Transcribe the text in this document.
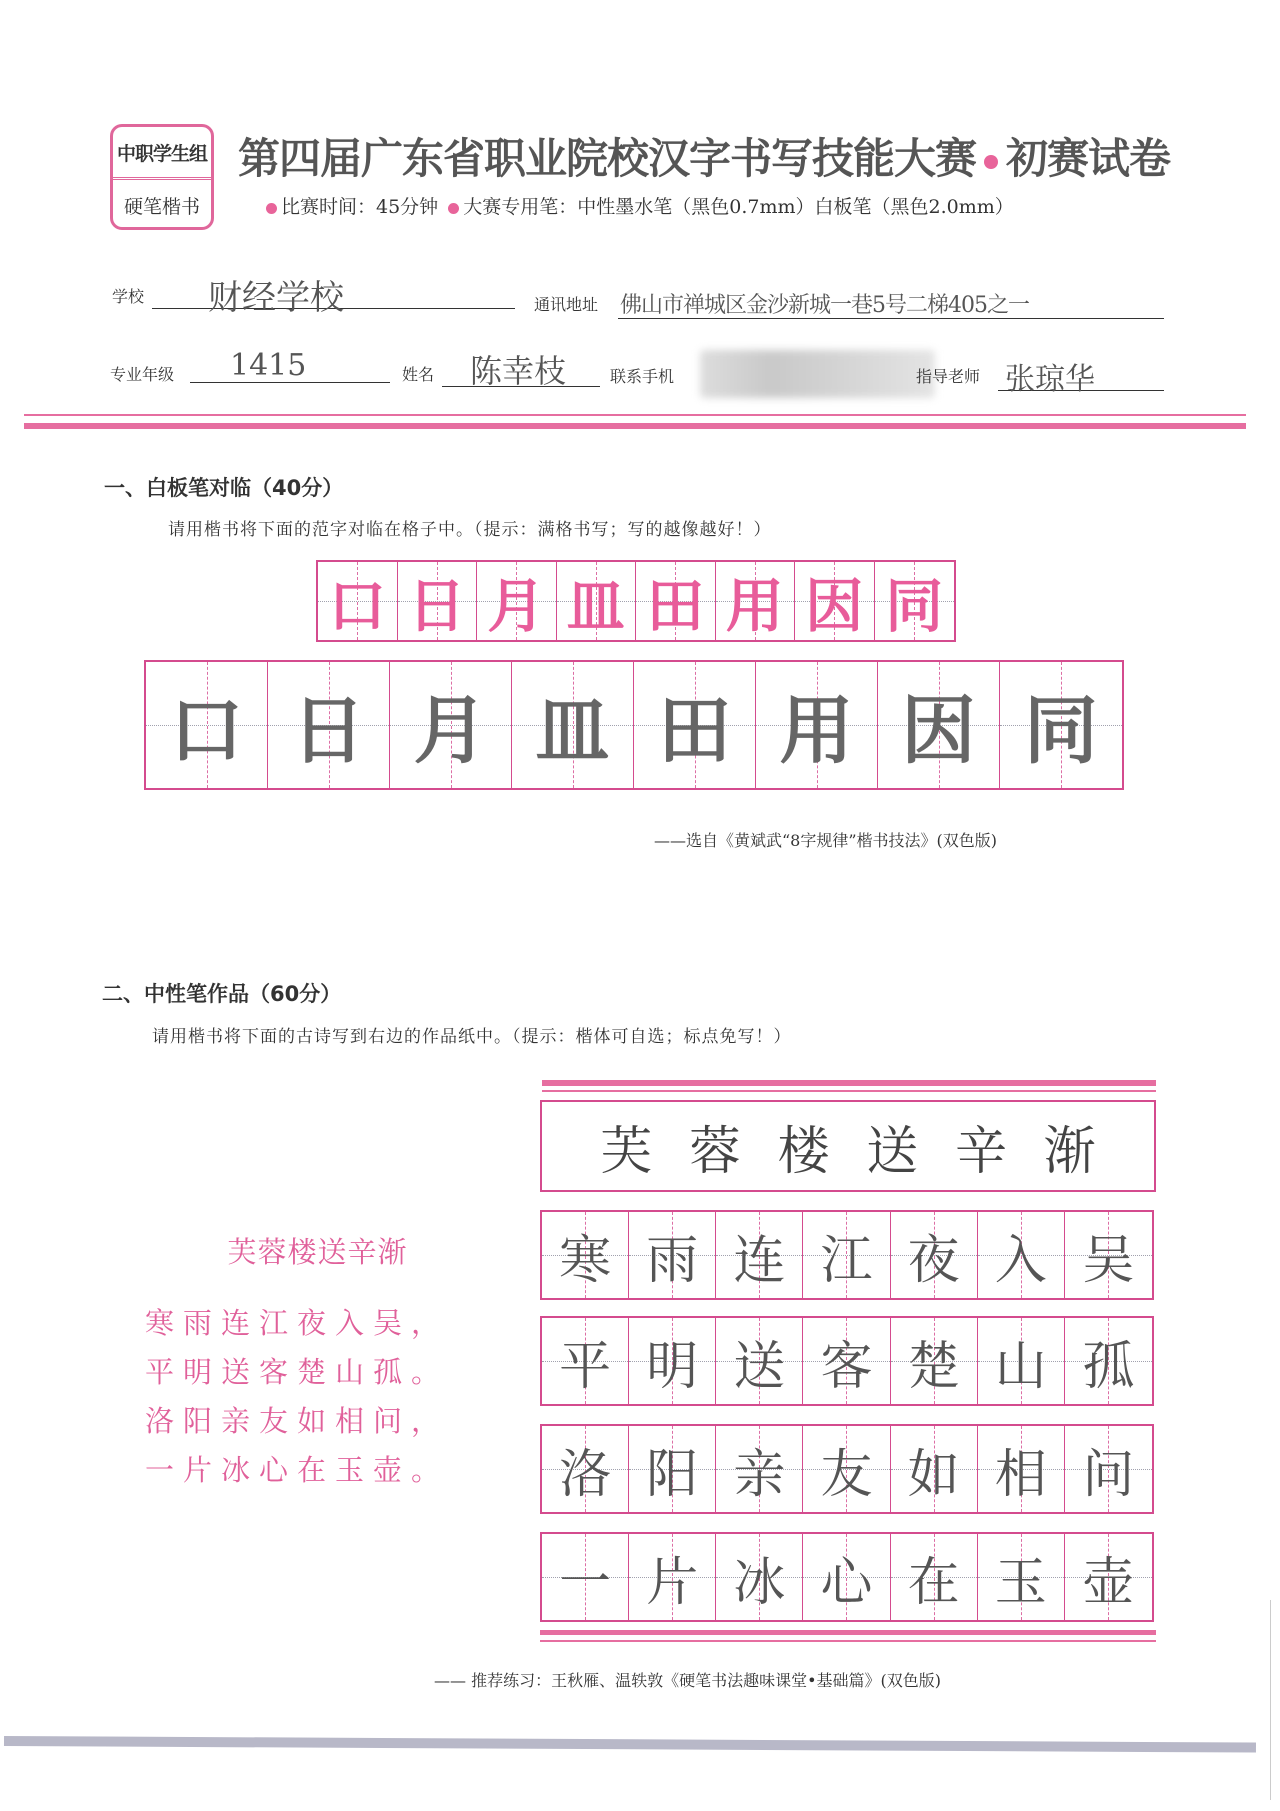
中职学生组
硬笔楷书
第四届广东省职业院校汉字书写技能大赛 初赛试卷
比赛时间：45分钟 大赛专用笔：中性墨水笔（黑色0.7mm）白板笔（黑色2.0mm）
学校 财经学校	通讯地址 佛山市禅城区金沙新城一巷5号二梯405之一
专业年级 1415	姓名 陈幸枝	联系手机	指导老师 张琼华
一、白板笔对临（40分）
请用楷书将下面的范字对临在格子中。（提示：满格书写；写的越像越好！）
口 日 月 皿 田 用 因 同
口 日 月 皿 田 用 因 同
——选自《黄斌武“8字规律”楷书技法》(双色版)
二、中性笔作品（60分）
请用楷书将下面的古诗写到右边的作品纸中。（提示：楷体可自选；标点免写！）
芙蓉楼送辛渐
寒雨连江夜入吴，
平明送客楚山孤。
洛阳亲友如相问，
一片冰心在玉壶。
芙 蓉 楼 送 辛 渐
寒 雨 连 江 夜 入 吴
平 明 送 客 楚 山 孤
洛 阳 亲 友 如 相 问
一 片 冰 心 在 玉 壶
—— 推荐练习：王秋雁、温轶敦《硬笔书法趣味课堂•基础篇》(双色版)
